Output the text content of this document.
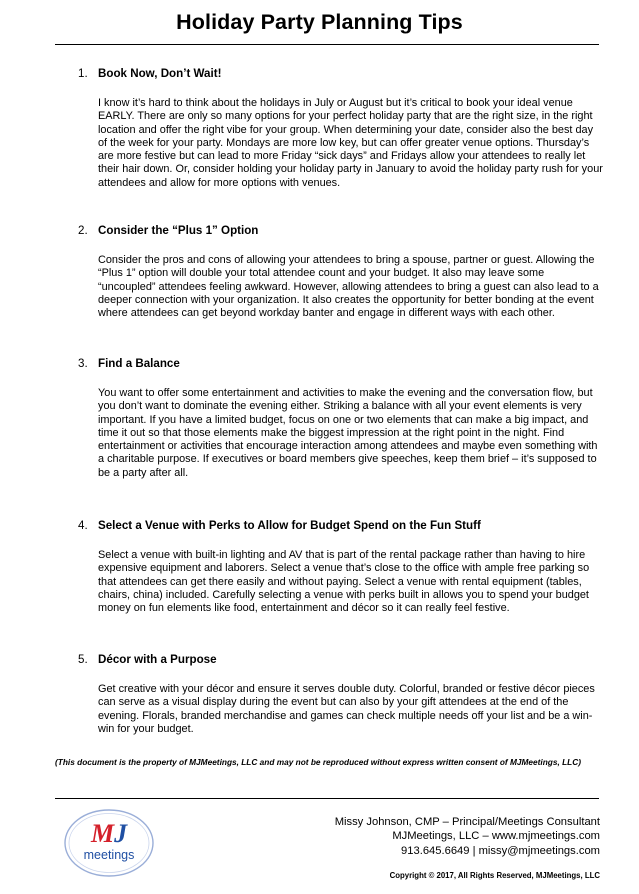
Holiday Party Planning Tips
1. Book Now, Don’t Wait!
I know it’s hard to think about the holidays in July or August but it’s critical to book your ideal venue EARLY. There are only so many options for your perfect holiday party that are the right size, in the right location and offer the right vibe for your group. When determining your date, consider also the best day of the week for your party. Mondays are more low key, but can offer greater venue options. Thursday’s are more festive but can lead to more Friday “sick days” and Fridays allow your attendees to really let their hair down. Or, consider holding your holiday party in January to avoid the holiday party rush for your attendees and allow for more options with venues.
2. Consider the “Plus 1” Option
Consider the pros and cons of allowing your attendees to bring a spouse, partner or guest. Allowing the “Plus 1” option will double your total attendee count and your budget. It also may leave some “uncoupled” attendees feeling awkward. However, allowing attendees to bring a guest can also lead to a deeper connection with your organization. It also creates the opportunity for better bonding at the event where attendees can get beyond workday banter and engage in different ways with each other.
3. Find a Balance
You want to offer some entertainment and activities to make the evening and the conversation flow, but you don’t want to dominate the evening either. Striking a balance with all your event elements is very important. If you have a limited budget, focus on one or two elements that can make a big impact, and time it out so that those elements make the biggest impression at the right point in the night. Find entertainment or activities that encourage interaction among attendees and maybe even something with a charitable purpose. If executives or board members give speeches, keep them brief – it’s supposed to be a party after all.
4. Select a Venue with Perks to Allow for Budget Spend on the Fun Stuff
Select a venue with built-in lighting and AV that is part of the rental package rather than having to hire expensive equipment and laborers. Select a venue that’s close to the office with ample free parking so that attendees can get there easily and without paying. Select a venue with rental equipment (tables, chairs, china) included. Carefully selecting a venue with perks built in allows you to spend your budget money on fun elements like food, entertainment and décor so it can really feel festive.
5. Décor with a Purpose
Get creative with your décor and ensure it serves double duty. Colorful, branded or festive décor pieces can serve as a visual display during the event but can also by your gift attendees at the end of the evening. Florals, branded merchandise and games can check multiple needs off your list and be a win-win for your budget.
(This document is the property of MJMeetings, LLC and may not be reproduced without express written consent of MJMeetings, LLC)
MJ
meetings
Missy Johnson, CMP – Principal/Meetings Consultant
MJMeetings, LLC – www.mjmeetings.com
913.645.6649 | missy@mjmeetings.com
Copyright © 2017, All Rights Reserved, MJMeetings, LLC
